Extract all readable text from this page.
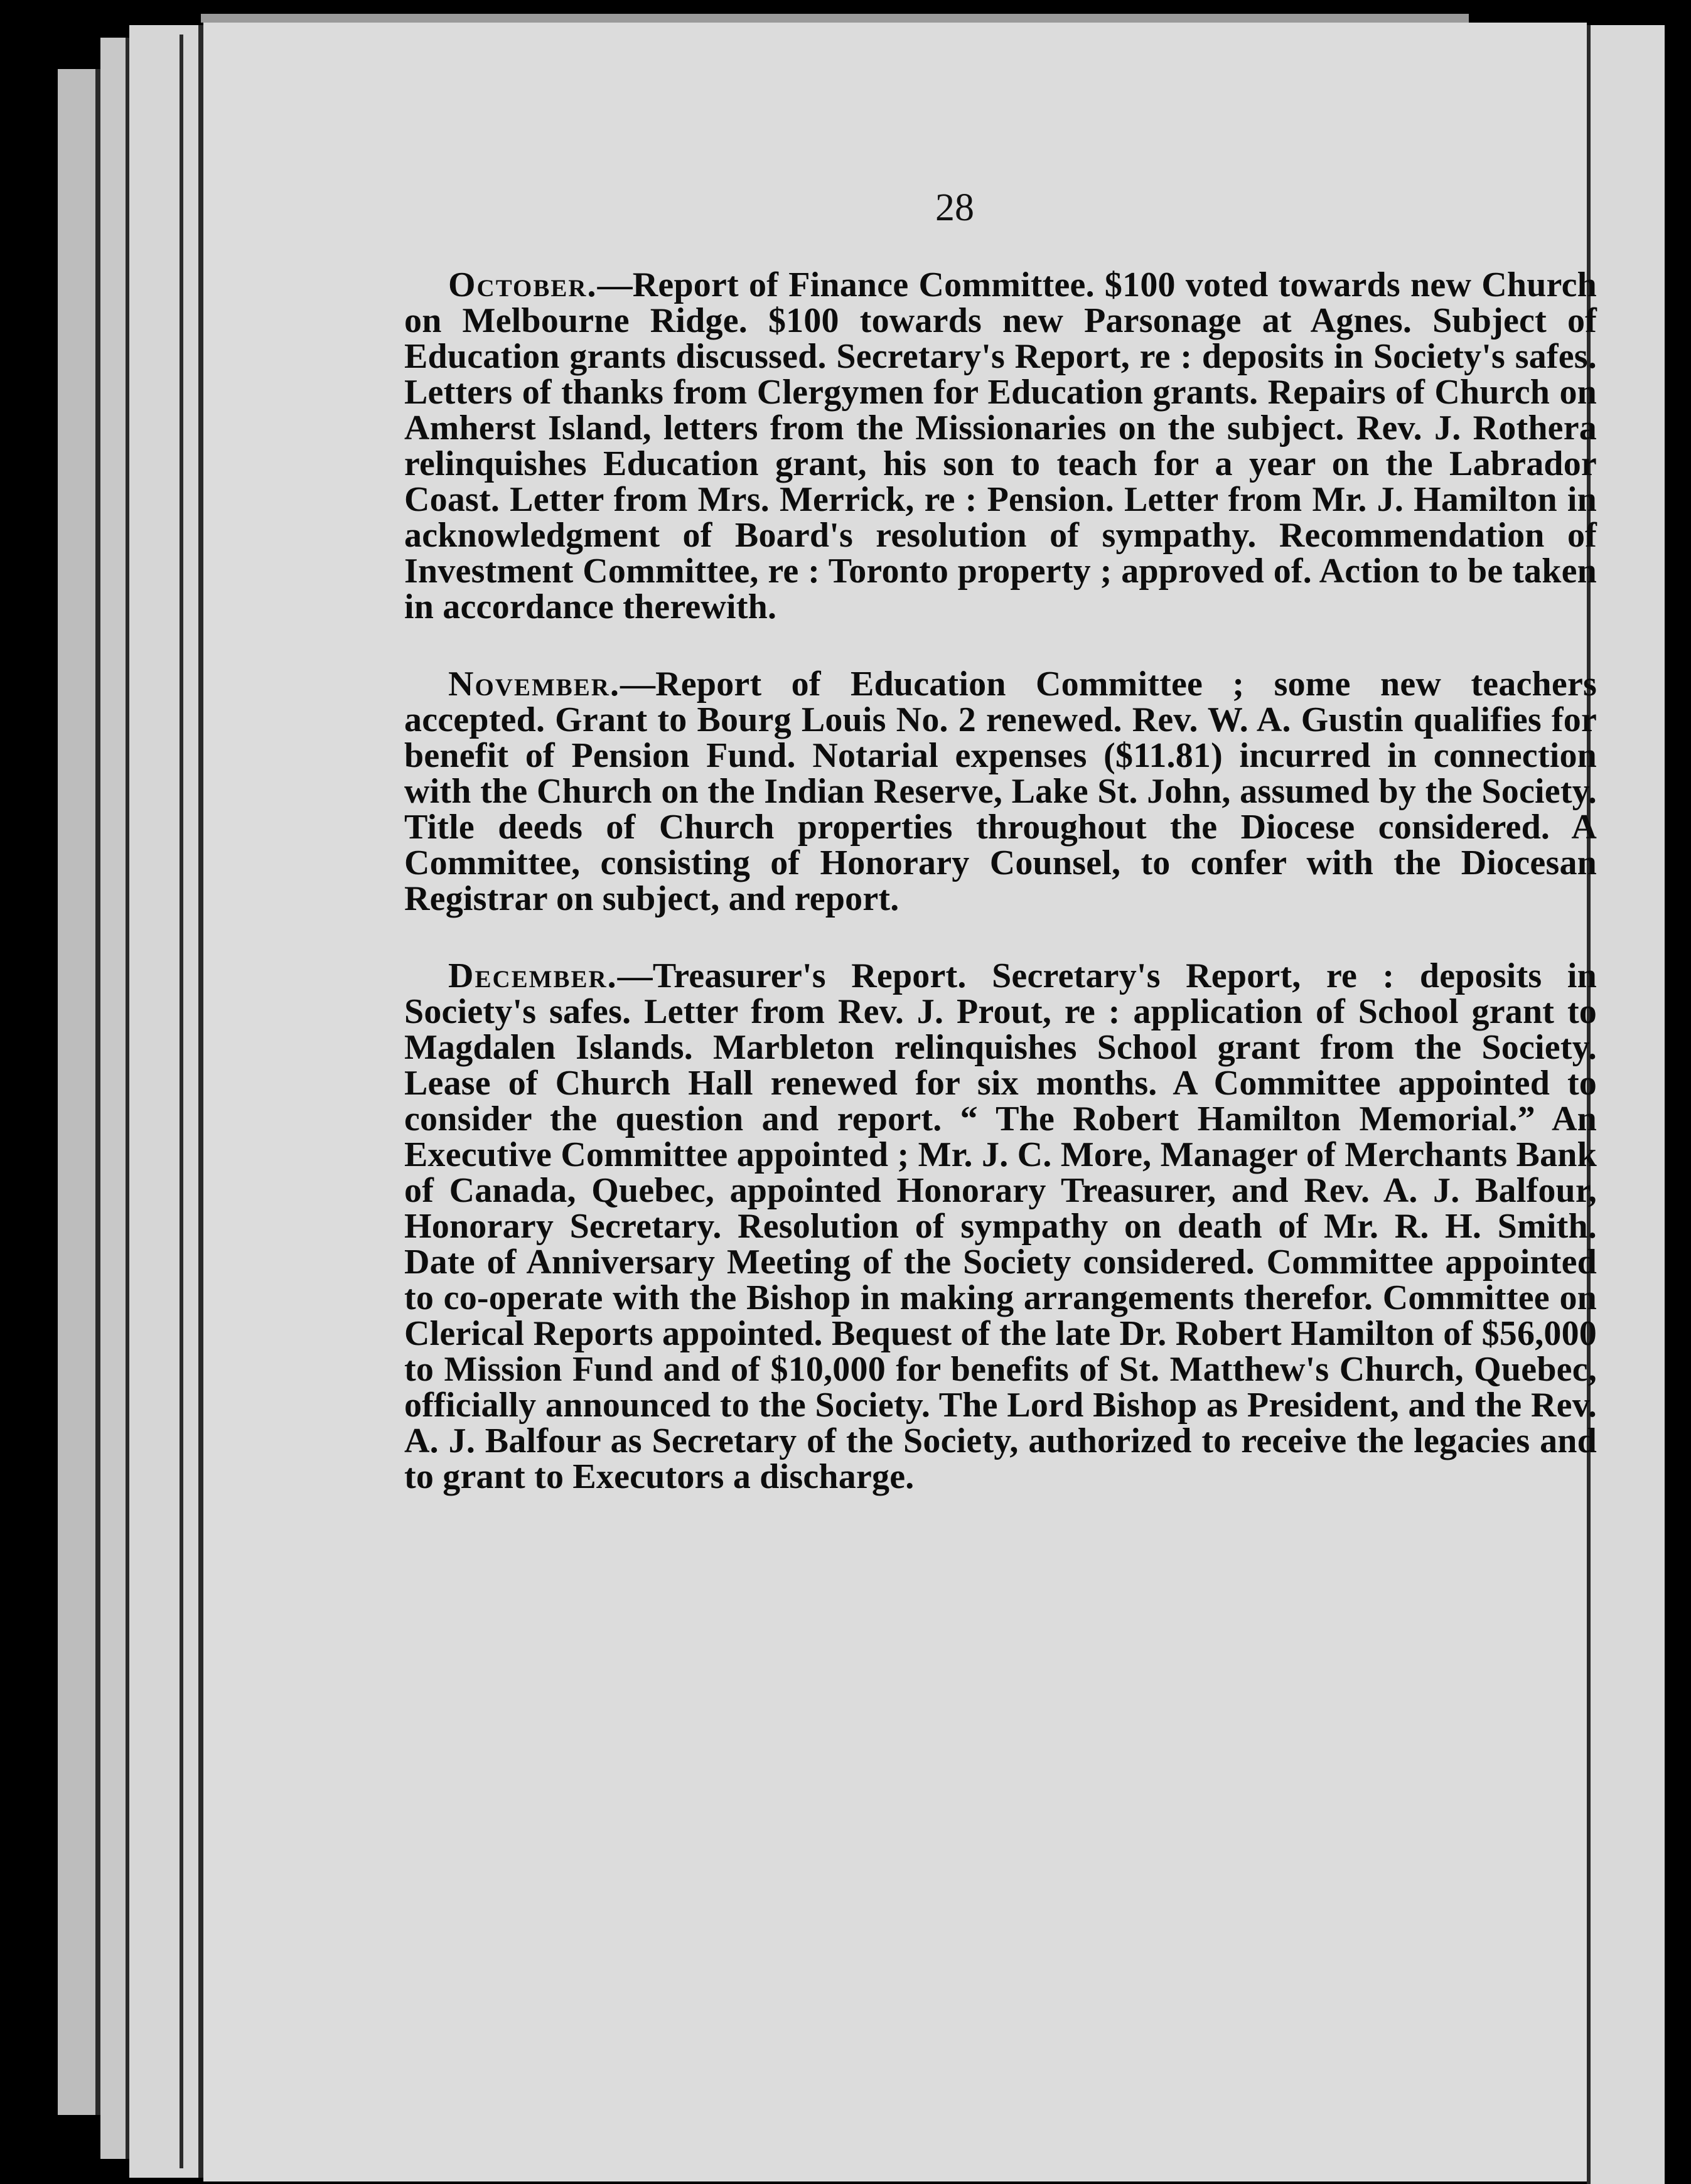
28

October.—Report of Finance Committee. $100 voted towards new Church on Melbourne Ridge. $100 towards new Parsonage at Agnes. Subject of Education grants discussed. Secretary's Report, re : deposits in Society's safes. Letters of thanks from Clergymen for Education grants. Repairs of Church on Amherst Island, letters from the Missionaries on the subject. Rev. J. Rothera relinquishes Education grant, his son to teach for a year on the Labrador Coast. Letter from Mrs. Merrick, re : Pension. Letter from Mr. J. Hamilton in acknowledgment of Board's resolution of sympathy. Recommendation of Investment Committee, re : Toronto property ; approved of. Action to be taken in accordance therewith.

November.—Report of Education Committee ; some new teachers accepted. Grant to Bourg Louis No. 2 renewed. Rev. W. A. Gustin qualifies for benefit of Pension Fund. Notarial expenses ($11.81) incurred in connection with the Church on the Indian Reserve, Lake St. John, assumed by the Society. Title deeds of Church properties throughout the Diocese considered. A Committee, consisting of Honorary Counsel, to confer with the Diocesan Registrar on subject, and report.

December.—Treasurer's Report. Secretary's Report, re : deposits in Society's safes. Letter from Rev. J. Prout, re : application of School grant to Magdalen Islands. Marbleton relinquishes School grant from the Society. Lease of Church Hall renewed for six months. A Committee appointed to consider the question and report. “ The Robert Hamilton Memorial.” An Executive Committee appointed ; Mr. J. C. More, Manager of Merchants Bank of Canada, Quebec, appointed Honorary Treasurer, and Rev. A. J. Balfour, Honorary Secretary. Resolution of sympathy on death of Mr. R. H. Smith. Date of Anniversary Meeting of the Society considered. Committee appointed to co-operate with the Bishop in making arrangements therefor. Committee on Clerical Reports appointed. Bequest of the late Dr. Robert Hamilton of $56,000 to Mission Fund and of $10,000 for benefits of St. Matthew's Church, Quebec, officially announced to the Society. The Lord Bishop as President, and the Rev. A. J. Balfour as Secretary of the Society, authorized to receive the legacies and to grant to Executors a discharge.
